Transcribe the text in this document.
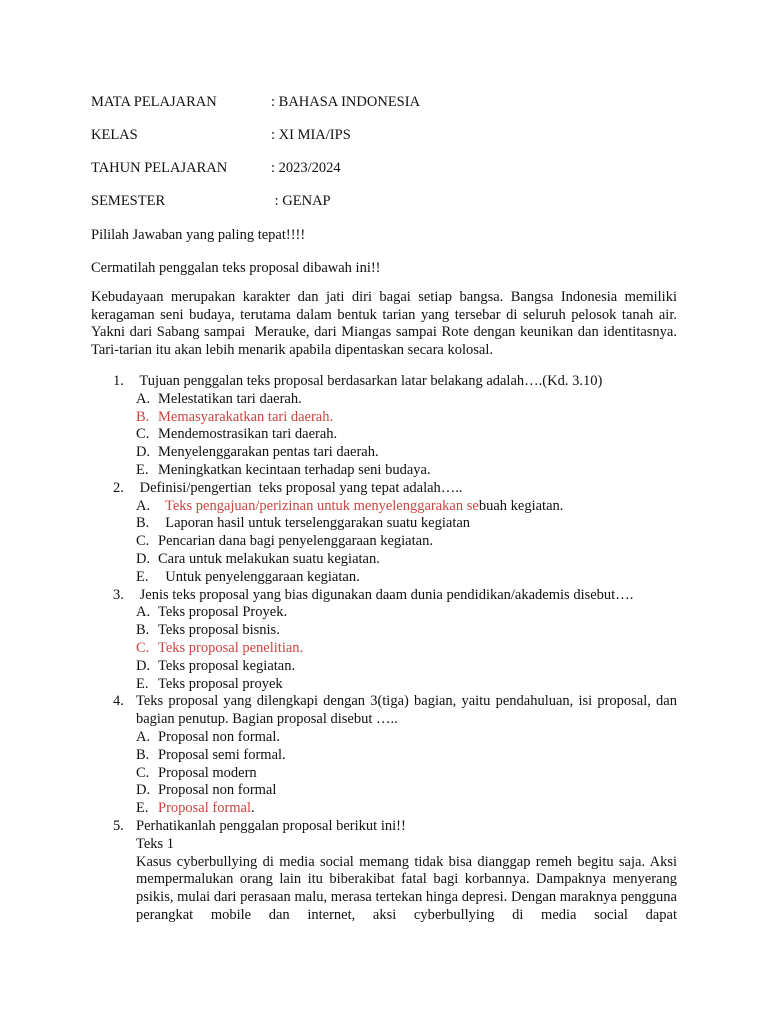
MATA PELAJARAN	: BAHASA INDONESIA
KELAS	: XI MIA/IPS
TAHUN PELAJARAN	: 2023/2024
SEMESTER	: GENAP
Pililah Jawaban yang paling tepat!!!!
Cermatilah penggalan teks proposal dibawah ini!!
Kebudayaan merupakan karakter dan jati diri bagai setiap bangsa. Bangsa Indonesia memiliki keragaman seni budaya, terutama dalam bentuk tarian yang tersebar di seluruh pelosok tanah air. Yakni dari Sabang sampai  Merauke, dari Miangas sampai Rote dengan keunikan dan identitasnya.  Tari-tarian itu akan lebih menarik apabila dipentaskan secara kolosal.
1. Tujuan penggalan teks proposal berdasarkan latar belakang adalah….(Kd. 3.10)
A. Melestatikan tari daerah.
B. Memasyarakatkan tari daerah.
C. Mendemostrasikan tari daerah.
D. Menyelenggarakan pentas tari daerah.
E. Meningkatkan kecintaan terhadap seni budaya.
2. Definisi/pengertian  teks proposal yang tepat adalah…..
A. Teks pengajuan/perizinan untuk menyelenggarakan sebuah kegiatan.
B. Laporan hasil untuk terselenggarakan suatu kegiatan
C. Pencarian dana bagi penyelenggaraan kegiatan.
D. Cara untuk melakukan suatu kegiatan.
E. Untuk penyelenggaraan kegiatan.
3. Jenis teks proposal yang bias digunakan daam dunia pendidikan/akademis disebut….
A. Teks proposal Proyek.
B. Teks proposal bisnis.
C. Teks proposal penelitian.
D. Teks proposal kegiatan.
E. Teks proposal proyek
4. Teks proposal yang dilengkapi dengan 3(tiga) bagian, yaitu pendahuluan, isi proposal, dan bagian penutup. Bagian proposal disebut …..
A. Proposal non formal.
B. Proposal semi formal.
C. Proposal modern
D. Proposal non formal
E. Proposal formal.
5. Perhatikanlah penggalan proposal berikut ini!!
Teks 1
Kasus cyberbullying di media social memang tidak bisa dianggap remeh begitu saja. Aksi mempermalukan orang lain itu biberakibat fatal bagi korbannya. Dampaknya menyerang psikis, mulai dari perasaan malu, merasa tertekan hinga depresi. Dengan maraknya pengguna perangkat mobile dan internet, aksi cyberbullying di media social dapat
